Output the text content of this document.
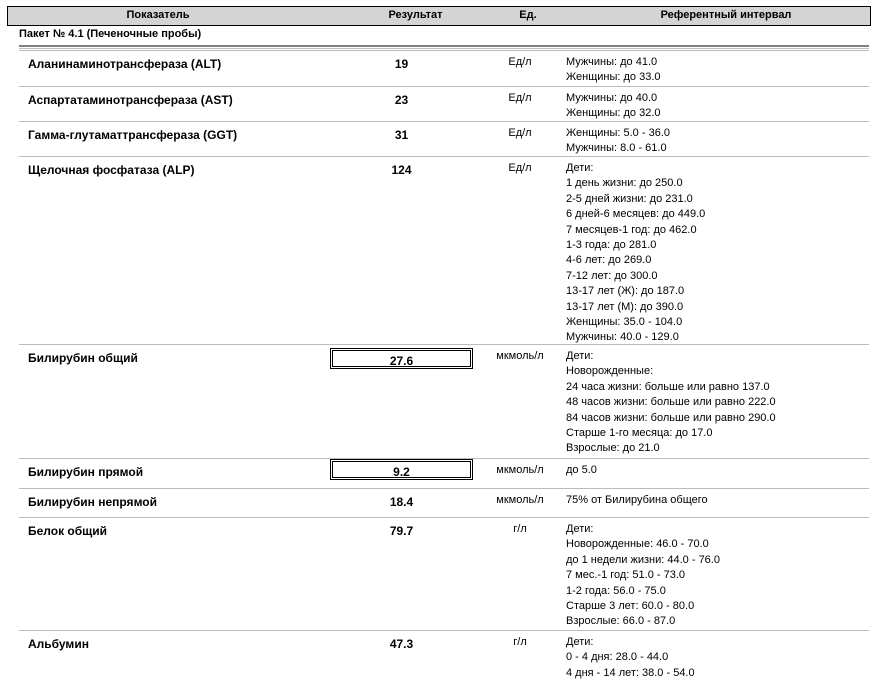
Показатель	Результат	Ед.	Референтный интервал
Пакет № 4.1 (Печеночные пробы)
Аланинаминотрансфераза (ALT)	19	Ед/л	Мужчины: до 41.0
Женщины: до 33.0
Аспартатаминотрансфераза (AST)	23	Ед/л	Мужчины: до 40.0
Женщины: до 32.0
Гамма-глутаматтрансфераза (GGT)	31	Ед/л	Женщины: 5.0 - 36.0
Мужчины: 8.0 - 61.0
Щелочная фосфатаза (ALP)	124	Ед/л	Дети:
1 день жизни: до 250.0
2-5 дней жизни: до 231.0
6 дней-6 месяцев: до 449.0
7 месяцев-1 год: до 462.0
1-3 года: до 281.0
4-6 лет: до 269.0
7-12 лет: до 300.0
13-17 лет (Ж): до 187.0
13-17 лет (М): до 390.0
Женщины: 35.0 - 104.0
Мужчины: 40.0 - 129.0
Билирубин общий	27.6	мкмоль/л	Дети:
Новорожденные:
24 часа жизни: больше или равно 137.0
48 часов жизни: больше или равно 222.0
84 часов жизни: больше или равно 290.0
Старше 1-го месяца: до 17.0
Взрослые: до 21.0
Билирубин прямой	9.2	мкмоль/л	до 5.0
Билирубин непрямой	18.4	мкмоль/л	75% от Билирубина общего
Белок общий	79.7	г/л	Дети:
Новорожденные: 46.0 - 70.0
до 1 недели жизни: 44.0 - 76.0
7 мес.-1 год: 51.0 - 73.0
1-2 года: 56.0 - 75.0
Старше 3 лет: 60.0 - 80.0
Взрослые: 66.0 - 87.0
Альбумин	47.3	г/л	Дети:
0 - 4 дня: 28.0 - 44.0
4 дня - 14 лет: 38.0 - 54.0
